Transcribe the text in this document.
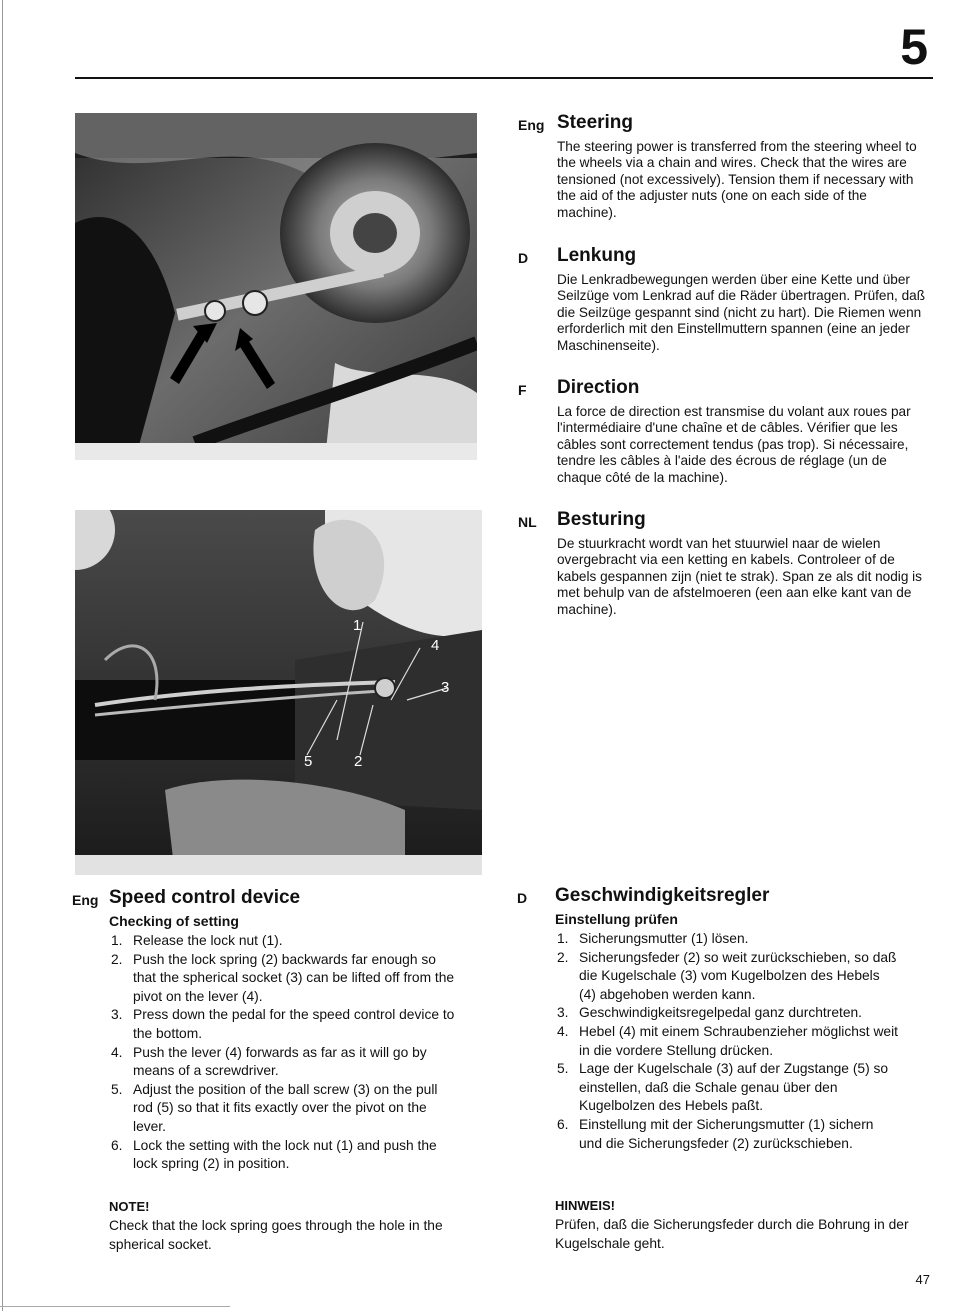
5
1
4
3
5	2
Eng Steering

The steering power is transferred from the steering wheel to the wheels via a chain and wires. Check that the wires are tensioned (not excessively). Tension them if necessary with the aid of the adjuster nuts (one on each side of the machine).

D Lenkung

Die Lenkradbewegungen werden über eine Kette und über Seilzüge vom Lenkrad auf die Räder übertragen. Prüfen, daß die Seilzüge gespannt sind (nicht zu hart). Die Riemen wenn erforderlich mit den Einstellmuttern spannen (eine an jeder Maschinenseite).

F Direction

La force de direction est transmise du volant aux roues par l'intermédiaire d'une chaîne et de câbles. Vérifier que les câbles sont correctement tendus (pas trop). Si nécessaire, tendre les câbles à l'aide des écrous de réglage (un de chaque côté de la machine).

NL Besturing

De stuurkracht wordt van het stuurwiel naar de wielen overgebracht via een ketting en kabels. Controleer of de kabels gespannen zijn (niet te strak). Span ze als dit nodig is met behulp van de afstelmoeren (een aan elke kant van de machine).

Eng Speed control device
Checking of setting
1. Release the lock nut (1).
2. Push the lock spring (2) backwards far enough so that the spherical socket (3) can be lifted off from the pivot on the lever (4).
3. Press down the pedal for the speed control device to the bottom.
4. Push the lever (4) forwards as far as it will go by means of a screwdriver.
5. Adjust the position of the ball screw (3) on the pull rod (5) so that it fits exactly over the pivot on the lever.
6. Lock the setting with the lock nut (1) and push the lock spring (2) in position.
NOTE!

Check that the lock spring goes through the hole in the spherical socket.

D Geschwindigkeitsregler
Einstellung prüfen
1. Sicherungsmutter (1) lösen.
2. Sicherungsfeder (2) so weit zurückschieben, so daß die Kugelschale (3) vom Kugelbolzen des Hebels (4) abgehoben werden kann.
3. Geschwindigkeitsregelpedal ganz durchtreten.
4. Hebel (4) mit einem Schraubenzieher möglichst weit in die vordere Stellung drücken.
5. Lage der Kugelschale (3) auf der Zugstange (5) so einstellen, daß die Schale genau über den Kugelbolzen des Hebels paßt.
6. Einstellung mit der Sicherungsmutter (1) sichern und die Sicherungsfeder (2) zurückschieben.
HINWEIS!

Prüfen, daß die Sicherungsfeder durch die Bohrung in der Kugelschale geht.

47
